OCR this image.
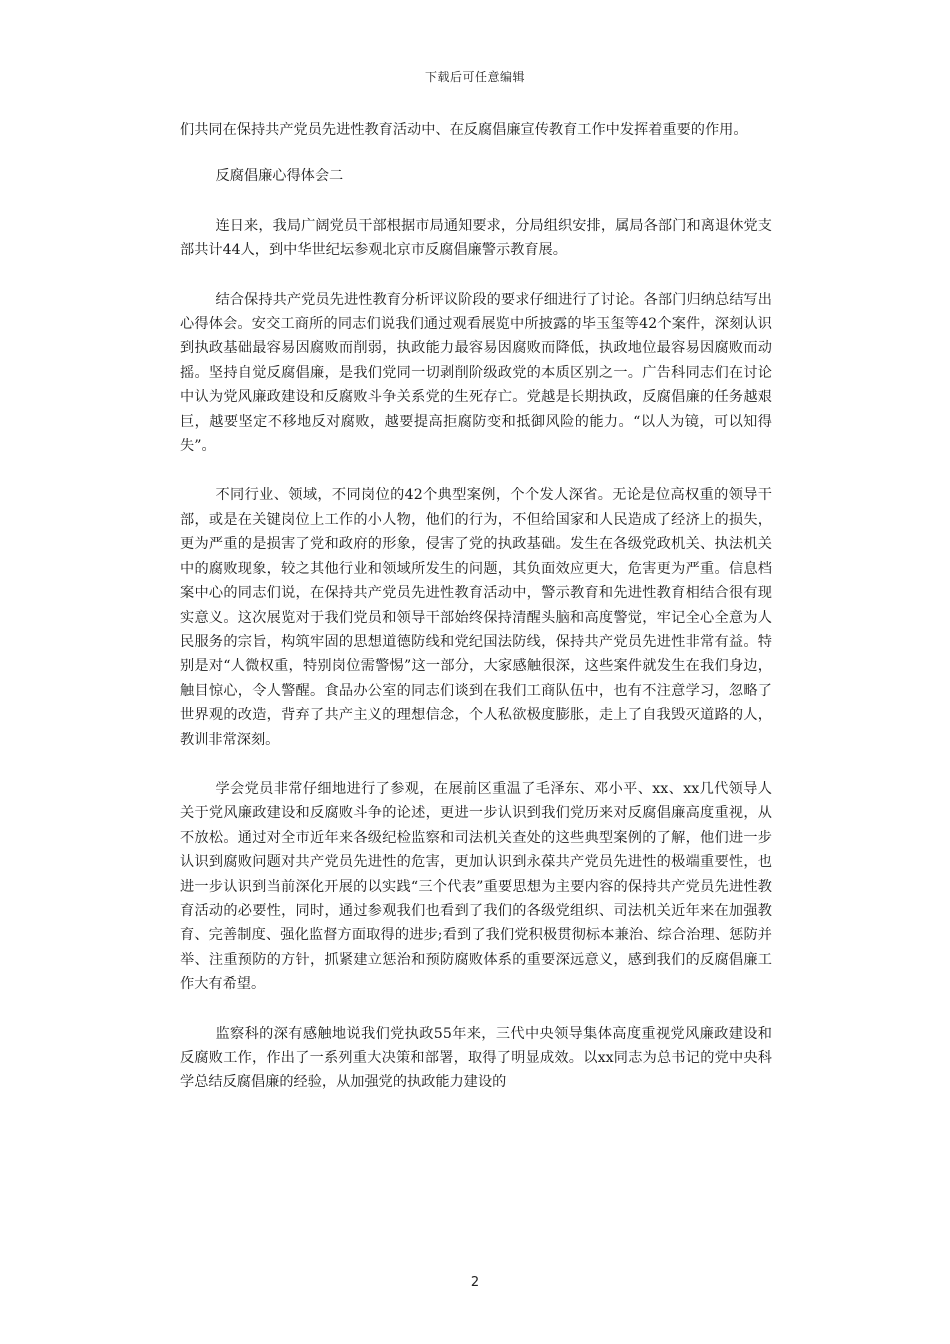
下载后可任意编辑

们共同在保持共产党员先进性教育活动中、在反腐倡廉宣传教育工作中发挥着重要的作用。

反腐倡廉心得体会二

连日来，我局广阔党员干部根据市局通知要求，分局组织安排，属局各部门和离退休党支部共计44人，到中华世纪坛参观北京市反腐倡廉警示教育展。

结合保持共产党员先进性教育分析评议阶段的要求仔细进行了讨论。各部门归纳总结写出心得体会。安交工商所的同志们说我们通过观看展览中所披露的毕玉玺等42个案件，深刻认识到执政基础最容易因腐败而削弱，执政能力最容易因腐败而降低，执政地位最容易因腐败而动摇。坚持自觉反腐倡廉，是我们党同一切剥削阶级政党的本质区别之一。广告科同志们在讨论中认为党风廉政建设和反腐败斗争关系党的生死存亡。党越是长期执政，反腐倡廉的任务越艰巨，越要坚定不移地反对腐败，越要提高拒腐防变和抵御风险的能力。“以人为镜，可以知得失”。

不同行业、领域，不同岗位的42个典型案例，个个发人深省。无论是位高权重的领导干部，或是在关键岗位上工作的小人物，他们的行为，不但给国家和人民造成了经济上的损失，更为严重的是损害了党和政府的形象，侵害了党的执政基础。发生在各级党政机关、执法机关中的腐败现象，较之其他行业和领域所发生的问题，其负面效应更大，危害更为严重。信息档案中心的同志们说，在保持共产党员先进性教育活动中，警示教育和先进性教育相结合很有现实意义。这次展览对于我们党员和领导干部始终保持清醒头脑和高度警觉，牢记全心全意为人民服务的宗旨，构筑牢固的思想道德防线和党纪国法防线，保持共产党员先进性非常有益。特别是对“人微权重，特别岗位需警惕”这一部分，大家感触很深，这些案件就发生在我们身边，触目惊心，令人警醒。食品办公室的同志们谈到在我们工商队伍中，也有不注意学习，忽略了世界观的改造，背弃了共产主义的理想信念，个人私欲极度膨胀，走上了自我毁灭道路的人，教训非常深刻。

学会党员非常仔细地进行了参观，在展前区重温了毛泽东、邓小平、xx、xx几代领导人关于党风廉政建设和反腐败斗争的论述，更进一步认识到我们党历来对反腐倡廉高度重视，从不放松。通过对全市近年来各级纪检监察和司法机关查处的这些典型案例的了解，他们进一步认识到腐败问题对共产党员先进性的危害，更加认识到永葆共产党员先进性的极端重要性，也进一步认识到当前深化开展的以实践“三个代表”重要思想为主要内容的保持共产党员先进性教育活动的必要性，同时，通过参观我们也看到了我们的各级党组织、司法机关近年来在加强教育、完善制度、强化监督方面取得的进步;看到了我们党积极贯彻标本兼治、综合治理、惩防并举、注重预防的方针，抓紧建立惩治和预防腐败体系的重要深远意义，感到我们的反腐倡廉工作大有希望。

监察科的深有感触地说我们党执政55年来，三代中央领导集体高度重视党风廉政建设和反腐败工作，作出了一系列重大决策和部署，取得了明显成效。以xx同志为总书记的党中央科学总结反腐倡廉的经验，从加强党的执政能力建设的

2
